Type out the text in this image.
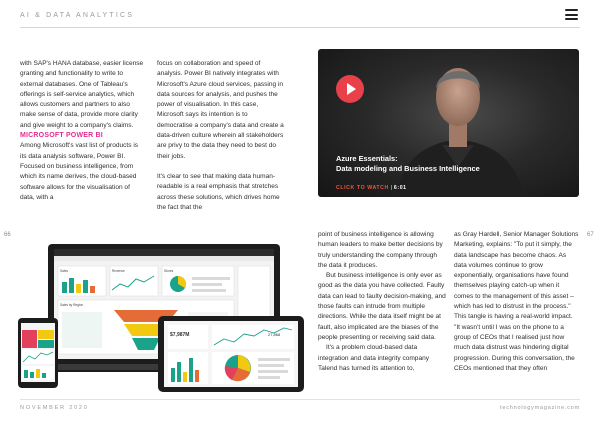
AI & DATA ANALYTICS

with SAP's HANA database, easier license granting and functionality to write to external databases. One of Tableau's offerings is self-service analytics, which allows customers and partners to also make sense of data, provide more clarity and give weight to a company's claims.

MICROSOFT POWER BI

Among Microsoft's vast list of products is its data analysis software, Power BI. Focused on business intelligence, from which its name derives, the cloud-based software allows for the visualisation of data, with a

focus on collaboration and speed of analysis. Power BI natively integrates with Microsoft's Azure cloud services, passing in data sources for analysis, and pushes the power of visualisation. In this case, Microsoft says its intention is to democratise a company's data and create a data-driven culture wherein all stakeholders are privy to the data they need to best do their jobs.

It's clear to see that making data human-readable is a real emphasis that stretches across these solutions, which drives home the fact that the

66	67
Azure Essentials:
Data modeling and Business Intelligence
CLICK TO WATCH 6:01

point of business intelligence is allowing human leaders to make better decisions by truly understanding the company through the data it produces.

But business intelligence is only ever as good as the data you have collected. Faulty data can lead to faulty decision-making, and those faults can intrude from multiple directions. While the data itself might be at fault, also implicated are the biases of the people presenting or receiving said data.

It's a problem cloud-based data integration and data integrity company Talend has turned its attention to,

as Gray Hardell, Senior Manager Solutions Marketing, explains: "To put it simply, the data landscape has become chaos. As data volumes continue to grow exponentially, organisations have found themselves playing catch-up when it comes to the management of this asset – which has led to distrust in the process." This tangle is having a real-world impact. "It wasn't until I was on the phone to a group of CEOs that I realised just how much data distrust was hindering digital progression. During this conversation, the CEOs mentioned that they often

Sales	Revenue	Stores
Sales by Region
$7,987M	27,868
NOVEMBER 2020	technologymagazine.com
